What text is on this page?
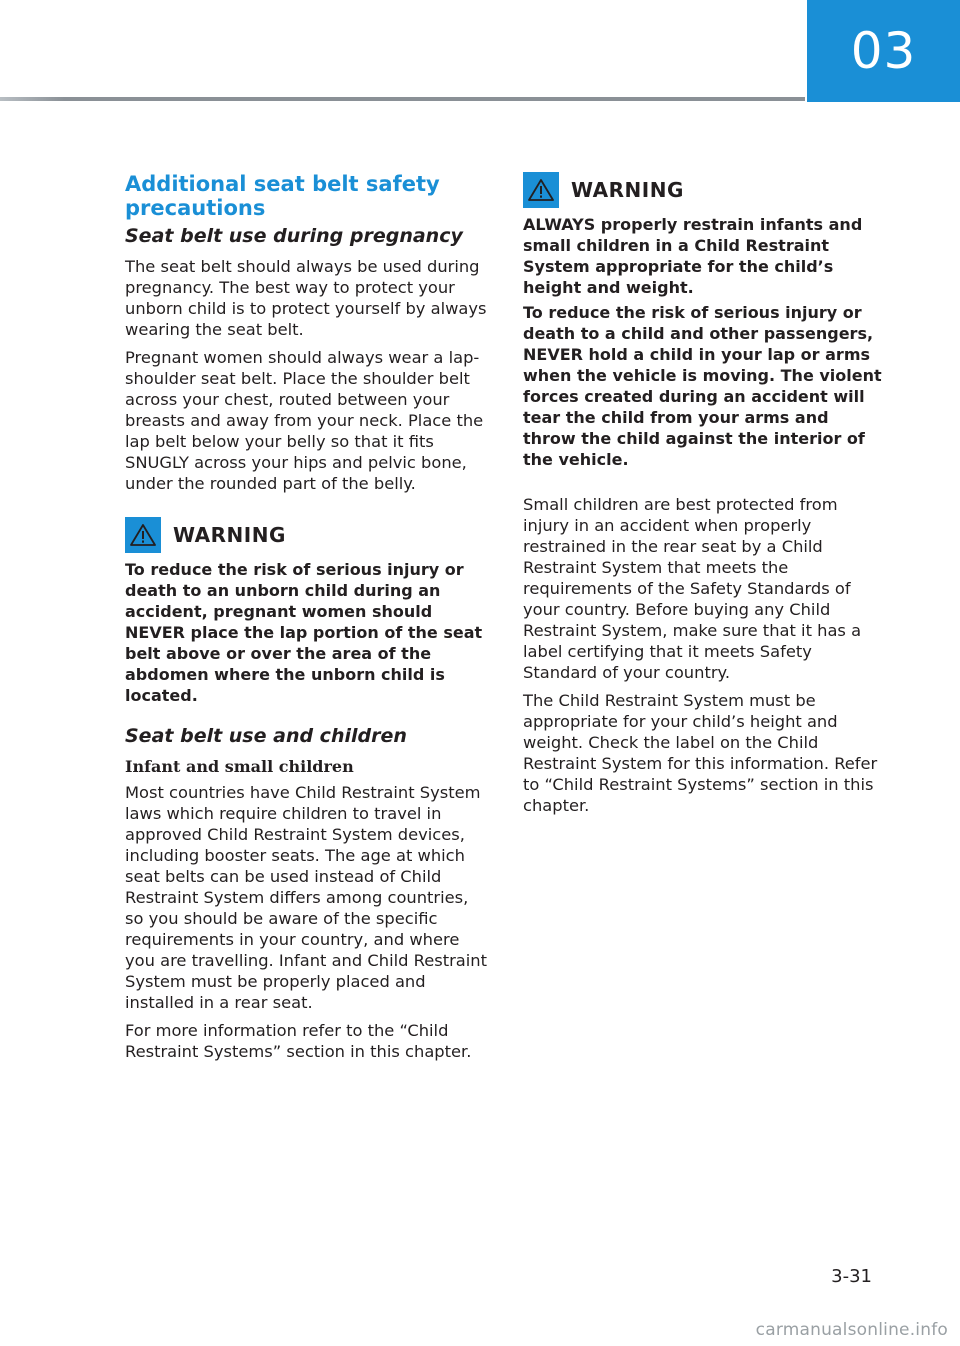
03
Additional seat belt safety precautions
Seat belt use during pregnancy

The seat belt should always be used during pregnancy. The best way to protect your unborn child is to protect yourself by always wearing the seat belt.

Pregnant women should always wear a lap-shoulder seat belt. Place the shoulder belt across your chest, routed between your breasts and away from your neck. Place the lap belt below your belly so that it fits SNUGLY across your hips and pelvic bone, under the rounded part of the belly.

WARNING

To reduce the risk of serious injury or death to an unborn child during an accident, pregnant women should NEVER place the lap portion of the seat belt above or over the area of the abdomen where the unborn child is located.

Seat belt use and children
Infant and small children

Most countries have Child Restraint System laws which require children to travel in approved Child Restraint System devices, including booster seats. The age at which seat belts can be used instead of Child Restraint System differs among countries, so you should be aware of the specific requirements in your country, and where you are travelling. Infant and Child Restraint System must be properly placed and installed in a rear seat.

For more information refer to the “Child Restraint Systems” section in this chapter.

WARNING

ALWAYS properly restrain infants and small children in a Child Restraint System appropriate for the child’s height and weight.

To reduce the risk of serious injury or death to a child and other passengers, NEVER hold a child in your lap or arms when the vehicle is moving. The violent forces created during an accident will tear the child from your arms and throw the child against the interior of the vehicle.

Small children are best protected from injury in an accident when properly restrained in the rear seat by a Child Restraint System that meets the requirements of the Safety Standards of your country. Before buying any Child Restraint System, make sure that it has a label certifying that it meets Safety Standard of your country.

The Child Restraint System must be appropriate for your child’s height and weight. Check the label on the Child Restraint System for this information. Refer to “Child Restraint Systems” section in this chapter.

3-31
carmanualsonline.info
